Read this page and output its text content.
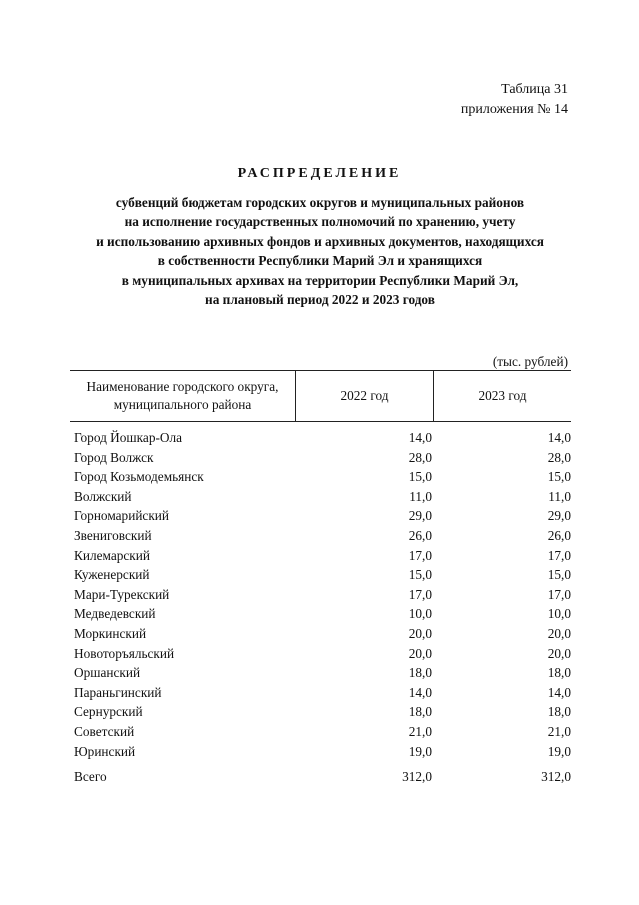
Таблица 31
приложения № 14
РАСПРЕДЕЛЕНИЕ
субвенций бюджетам городских округов и муниципальных районов
на исполнение государственных полномочий по хранению, учету
и использованию архивных фондов и архивных документов, находящихся
в собственности Республики Марий Эл и хранящихся
в муниципальных архивах на территории Республики Марий Эл,
на плановый период 2022 и 2023 годов
(тыс. рублей)
Наименование городского округа,
муниципального района
2022 год	2023 год
Город Йошкар-Ола	14,0	14,0
Город Волжск	28,0	28,0
Город Козьмодемьянск	15,0	15,0
Волжский	11,0	11,0
Горномарийский	29,0	29,0
Звениговский	26,0	26,0
Килемарский	17,0	17,0
Куженерский	15,0	15,0
Мари-Турекский	17,0	17,0
Медведевский	10,0	10,0
Моркинский	20,0	20,0
Новоторъяльский	20,0	20,0
Оршанский	18,0	18,0
Параньгинский	14,0	14,0
Сернурский	18,0	18,0
Советский	21,0	21,0
Юринский	19,0	19,0
Всего	312,0	312,0
